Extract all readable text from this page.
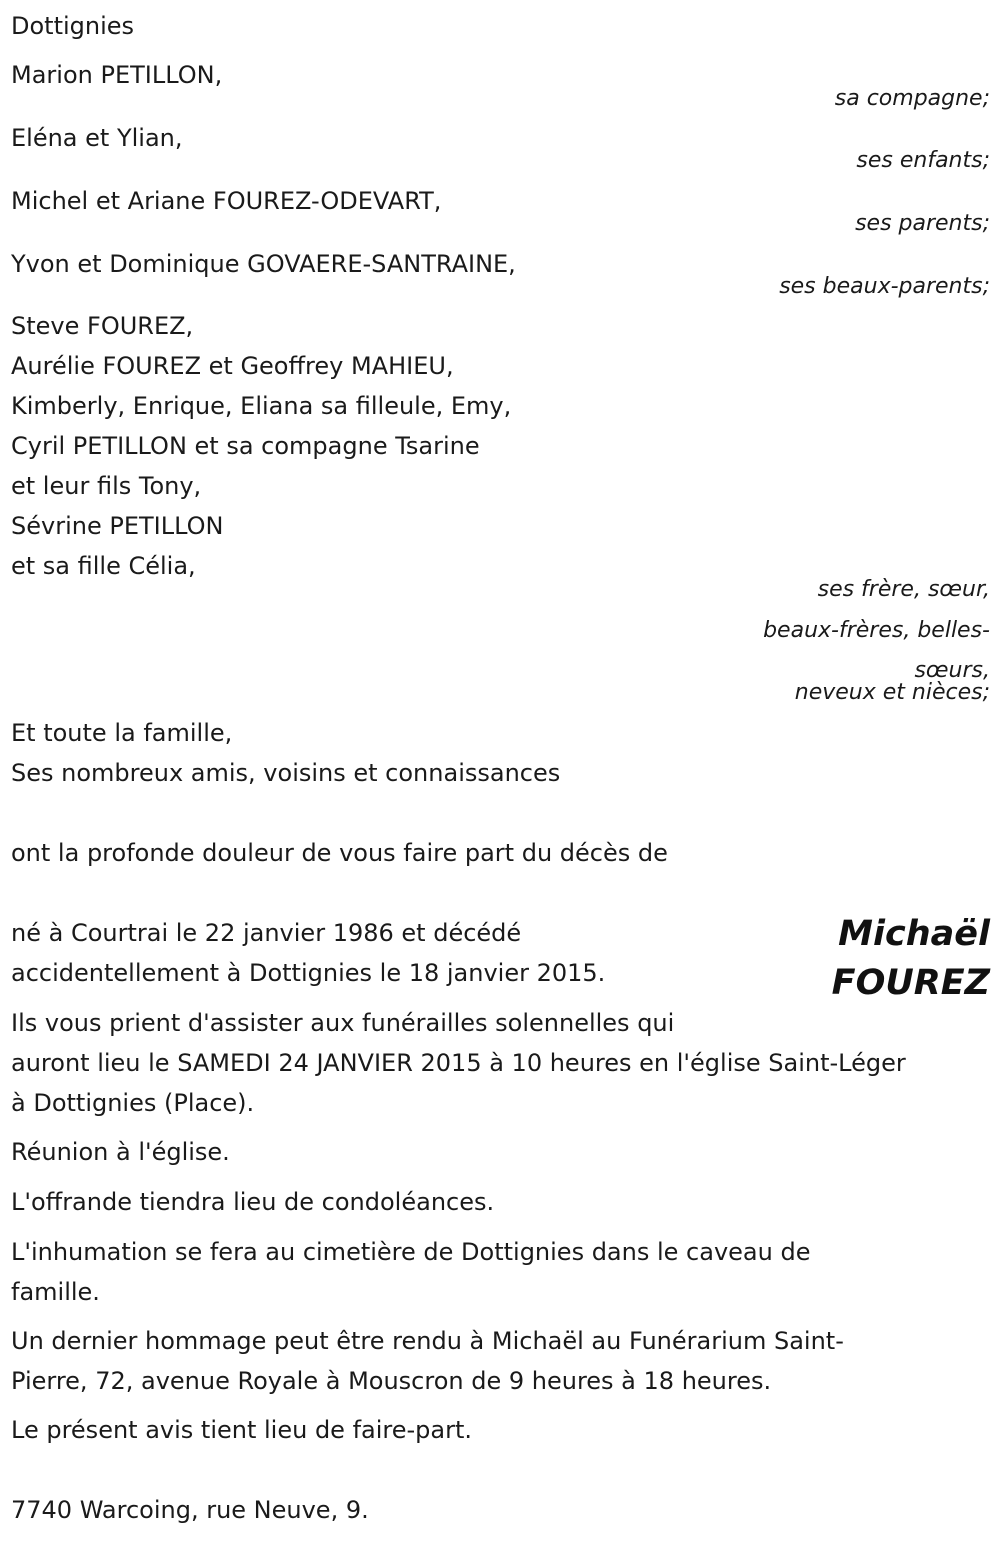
Dottignies

Marion PETILLON,

sa compagne;

Eléna et Ylian,

ses enfants;

Michel et Ariane FOUREZ-ODEVART,

ses parents;

Yvon et Dominique GOVAERE-SANTRAINE,

ses beaux-parents;

Steve FOUREZ,

Aurélie FOUREZ et Geoffrey MAHIEU,

Kimberly, Enrique, Eliana sa filleule, Emy,

Cyril PETILLON et sa compagne Tsarine

et leur fils Tony,

Sévrine PETILLON

et sa fille Célia,

ses frère, sœur,

beaux-frères, belles-

sœurs,

neveux et nièces;

Et toute la famille,

Ses nombreux amis, voisins et connaissances

ont la profonde douleur de vous faire part du décès de

né à Courtrai le 22 janvier 1986 et décédé

accidentellement à Dottignies le 18 janvier 2015.

Michaël

FOUREZ

Ils vous prient d'assister aux funérailles solennelles qui

auront lieu le SAMEDI 24 JANVIER 2015 à 10 heures en l'église Saint-Léger

à Dottignies (Place).

Réunion à l'église.

L'offrande tiendra lieu de condoléances.

L'inhumation se fera au cimetière de Dottignies dans le caveau de

famille.

Un dernier hommage peut être rendu à Michaël au Funérarium Saint-

Pierre, 72, avenue Royale à Mouscron de 9 heures à 18 heures.

Le présent avis tient lieu de faire-part.

7740 Warcoing, rue Neuve, 9.
